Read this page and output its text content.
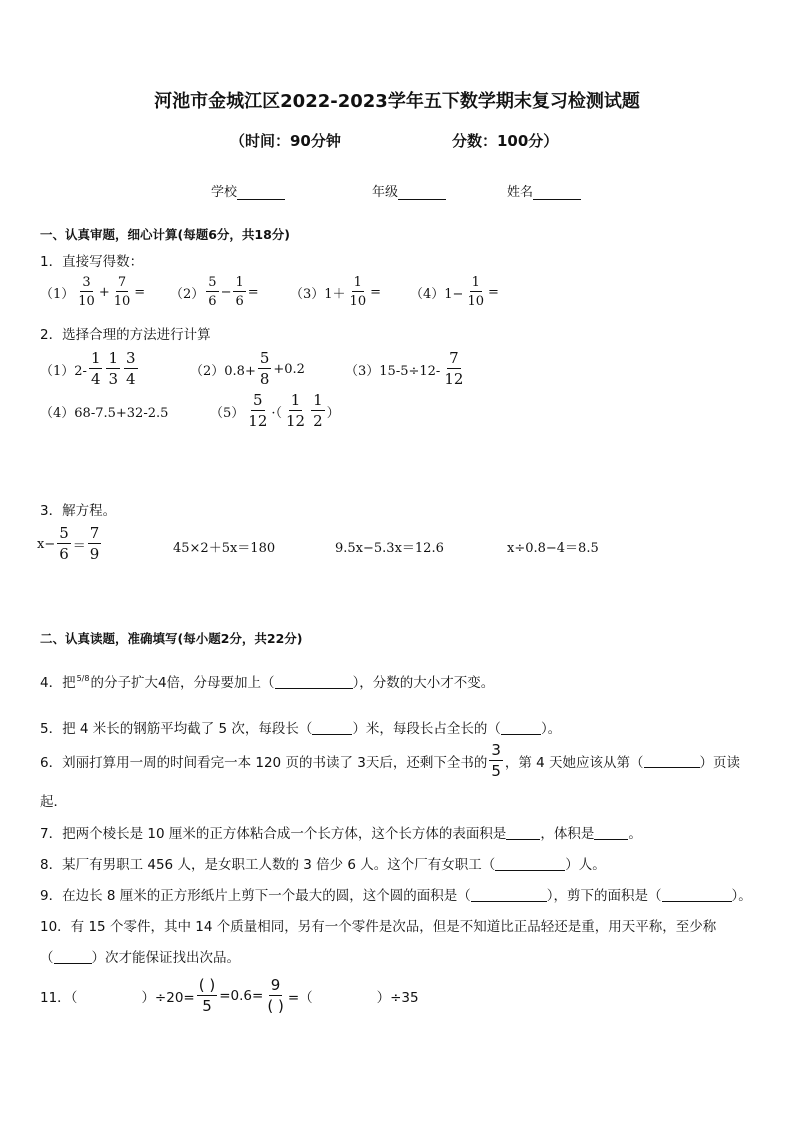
河池市金城江区2022-2023学年五下数学期末复习检测试题
（时间：90分钟	分数：100分）
学校	年级	姓名
一、认真审题，细心计算(每题6分，共18分)
1．直接写得数：
$(1) \frac{3}{10} + \frac{7}{10} = (2) \frac{5}{6} - \frac{1}{6} = (3)1+ \frac{1}{10} = (4)1- \frac{1}{10}$ =
2．选择合理的方法进行计算
$(1)2- \frac{1}{4} \frac{1}{3} \frac{3}{4}$	$(2)0.8+ \frac{5}{8} +0.2$	$(3)15-5\div 12- \frac{7}{12}$
（4）68-7.5+32-2.5	$(5) \frac{5}{12}$ ·（ $\frac{1}{12} \frac{1}{2}$ ）
3．解方程。
$x- \frac{5}{6} = \frac{7}{9}$	45×2＋5x＝180	9.5x−5.3x＝12.6	x÷0.8−4＝8.5
二、认真读题，准确填写(每小题2分，共22分)
4．把5/8的分子扩大4倍，分母要加上（	），分数的大小才不变。
5．把 4 米长的钢筋平均截了 5 次，每段长（	）米，每段长占全长的（	）。
6．刘丽打算用一周的时间看完一本 120 页的书读了 3天后，还剩下全书的 $\frac{3}{5}$ ，第 4 天她应该从第（	）页读
起．
7．把两个棱长是 10 厘米的正方体粘合成一个长方体，这个长方体的表面积是	，体积是	。
8．某厂有男职工 456 人，是女职工人数的 3 倍少 6 人。这个厂有女职工（	）人。
9．在边长 8 厘米的正方形纸片上剪下一个最大的圆，这个圆的面积是（	），剪下的面积是（	）。
10．有 15 个零件，其中 14 个质量相同，另有一个零件是次品，但是不知道比正品轻还是重，用天平称，至少称
（	）次才能保证找出次品。
11．（	）$\div 20= \frac{( )}{5} =0.6= \frac{9}{( )}$ =（	）÷35
